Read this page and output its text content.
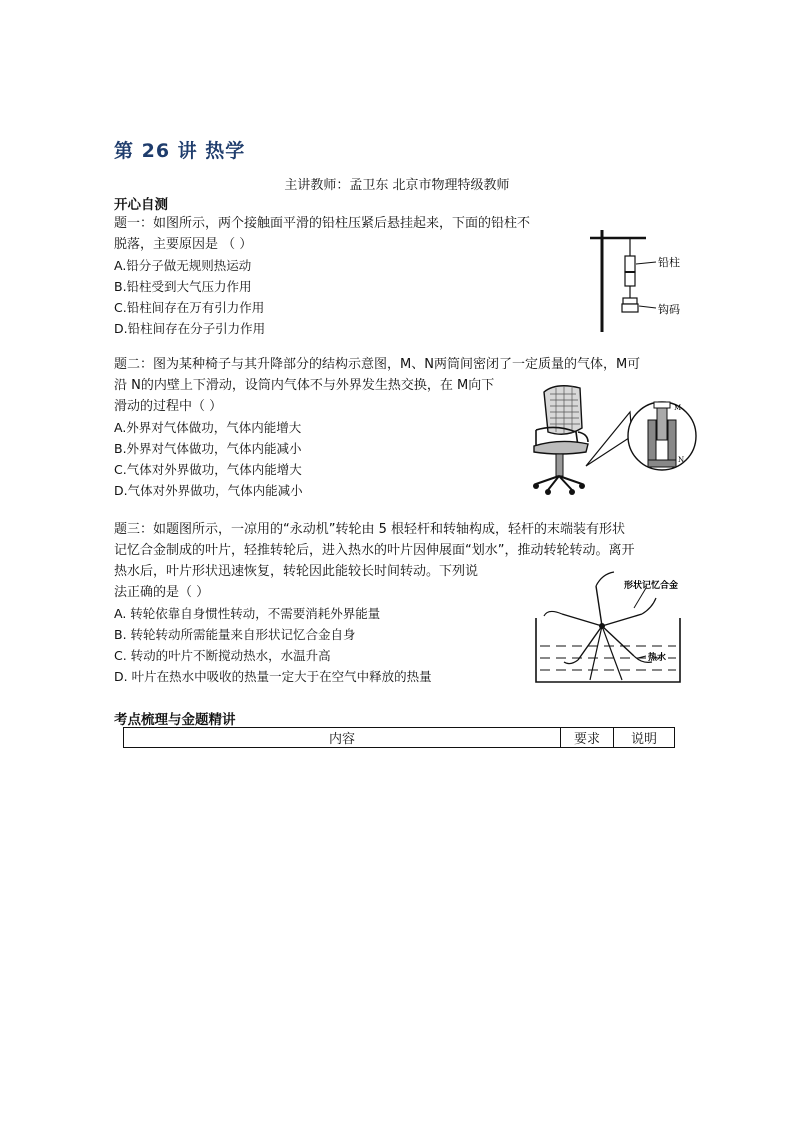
第 26 讲 热学
主讲教师：孟卫东 北京市物理特级教师
开心自测

题一：如图所示，两个接触面平滑的铅柱压紧后悬挂起来，下面的铅柱不

脱落，主要原因是 （ ）

A.铅分子做无规则热运动

B.铅柱受到大气压力作用

C.铅柱间存在万有引力作用

D.铅柱间存在分子引力作用

铅柱
钩码

题二：图为某种椅子与其升降部分的结构示意图，M、N两筒间密闭了一定质量的气体，M可

沿 N的内壁上下滑动，设筒内气体不与外界发生热交换，在 M向下

滑动的过程中（ ）

A.外界对气体做功，气体内能增大

B.外界对气体做功，气体内能减小

C.气体对外界做功，气体内能增大

D.气体对外界做功，气体内能减小

M
N

题三：如题图所示，一凉用的“永动机”转轮由 5 根轻杆和转轴构成，轻杆的末端装有形状

记忆合金制成的叶片，轻推转轮后，进入热水的叶片因伸展面“划水”，推动转轮转动。离开

热水后，叶片形状迅速恢复，转轮因此能较长时间转动。下列说

法正确的是（ ）

A. 转轮依靠自身惯性转动，不需要消耗外界能量

B. 转轮转动所需能量来自形状记忆合金自身

C. 转动的叶片不断搅动热水，水温升高

D. 叶片在热水中吸收的热量一定大于在空气中释放的热量

形状记忆合金
热水
考点梳理与金题精讲
内容	要求	说明
